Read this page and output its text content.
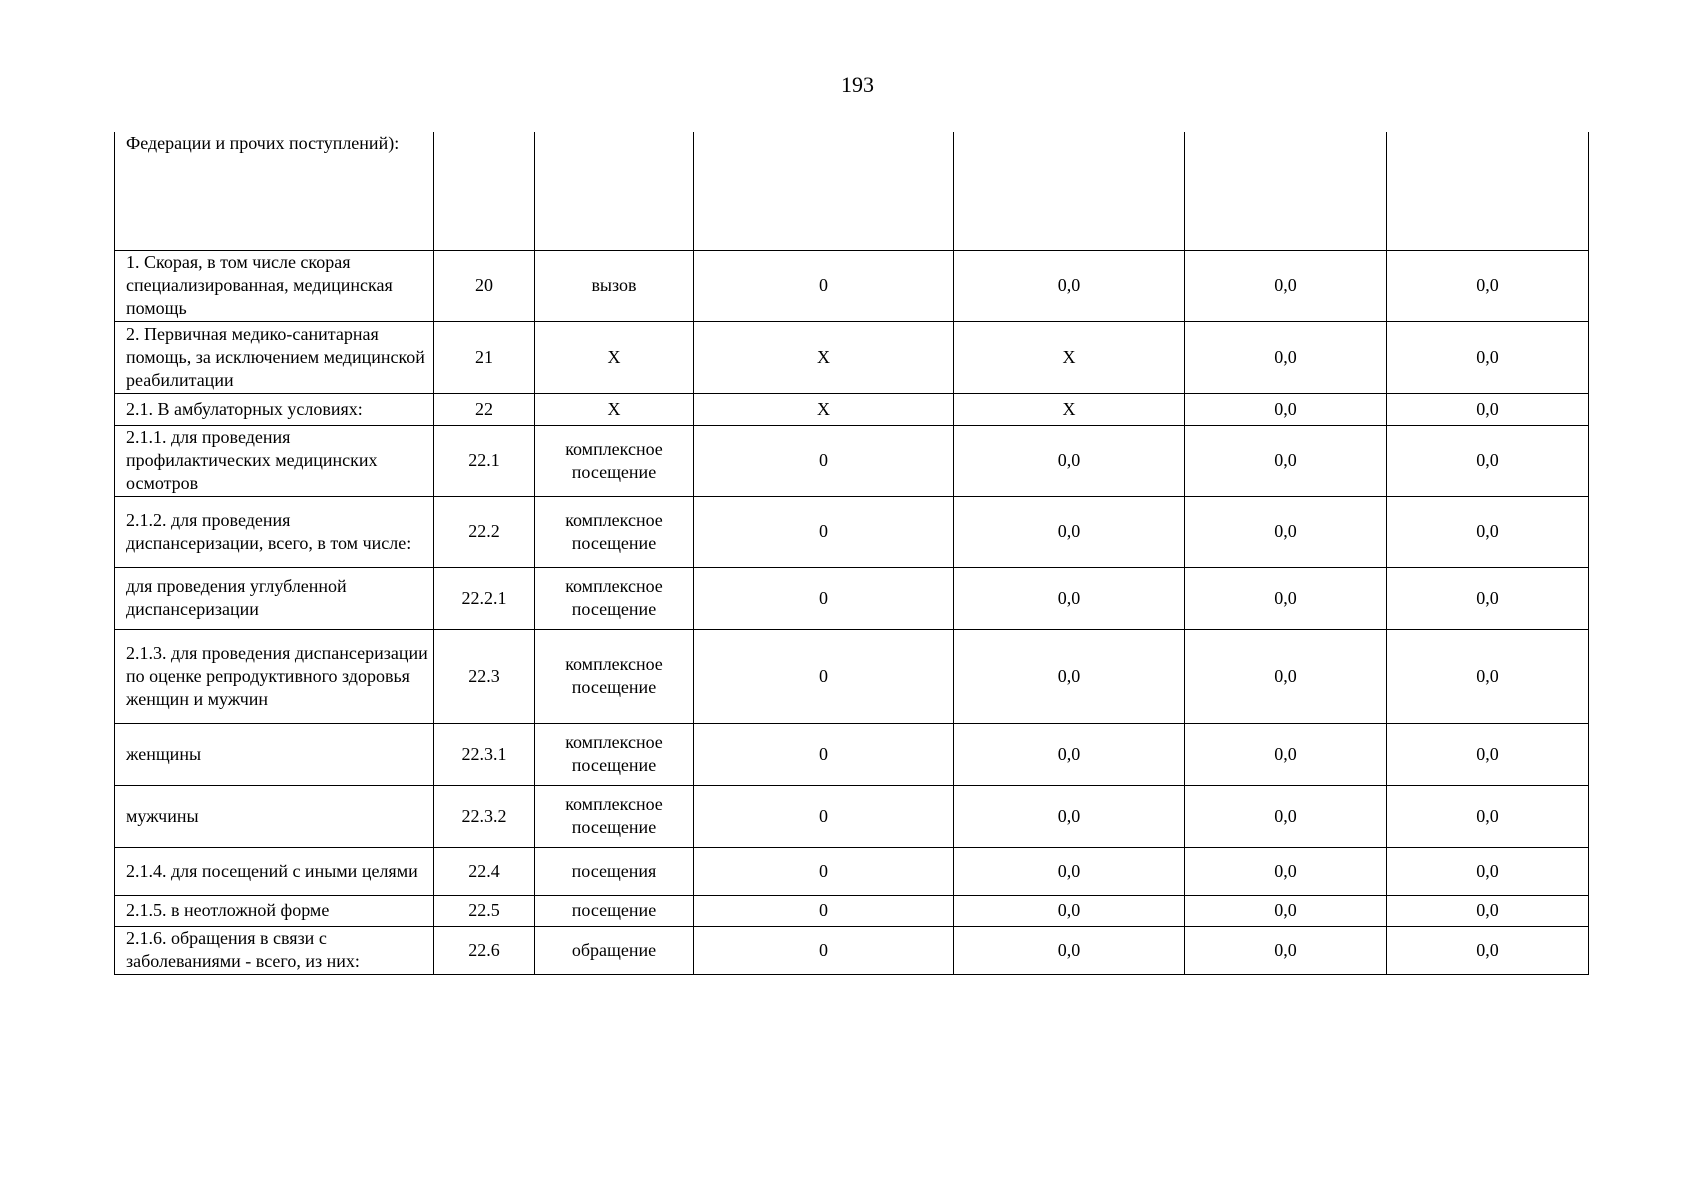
193
Федерации и прочих поступлений):						
1. Скорая, в том числе скорая специализированная, медицинская помощь	20	вызов	0	0,0	0,0	0,0
2. Первичная медико-санитарная помощь, за исключением медицинской реабилитации	21	X	X	X	0,0	0,0
2.1. В амбулаторных условиях:	22	X	X	X	0,0	0,0
2.1.1. для проведения профилактических медицинских осмотров	22.1	комплексное посещение	0	0,0	0,0	0,0
2.1.2. для проведения диспансеризации, всего, в том числе:	22.2	комплексное посещение	0	0,0	0,0	0,0
для проведения углубленной диспансеризации	22.2.1	комплексное посещение	0	0,0	0,0	0,0
2.1.3. для проведения диспансеризации по оценке репродуктивного здоровья женщин и мужчин	22.3	комплексное посещение	0	0,0	0,0	0,0
женщины	22.3.1	комплексное посещение	0	0,0	0,0	0,0
мужчины	22.3.2	комплексное посещение	0	0,0	0,0	0,0
2.1.4. для посещений с иными целями	22.4	посещения	0	0,0	0,0	0,0
2.1.5. в неотложной форме	22.5	посещение	0	0,0	0,0	0,0
2.1.6. обращения в связи с заболеваниями - всего, из них:	22.6	обращение	0	0,0	0,0	0,0
